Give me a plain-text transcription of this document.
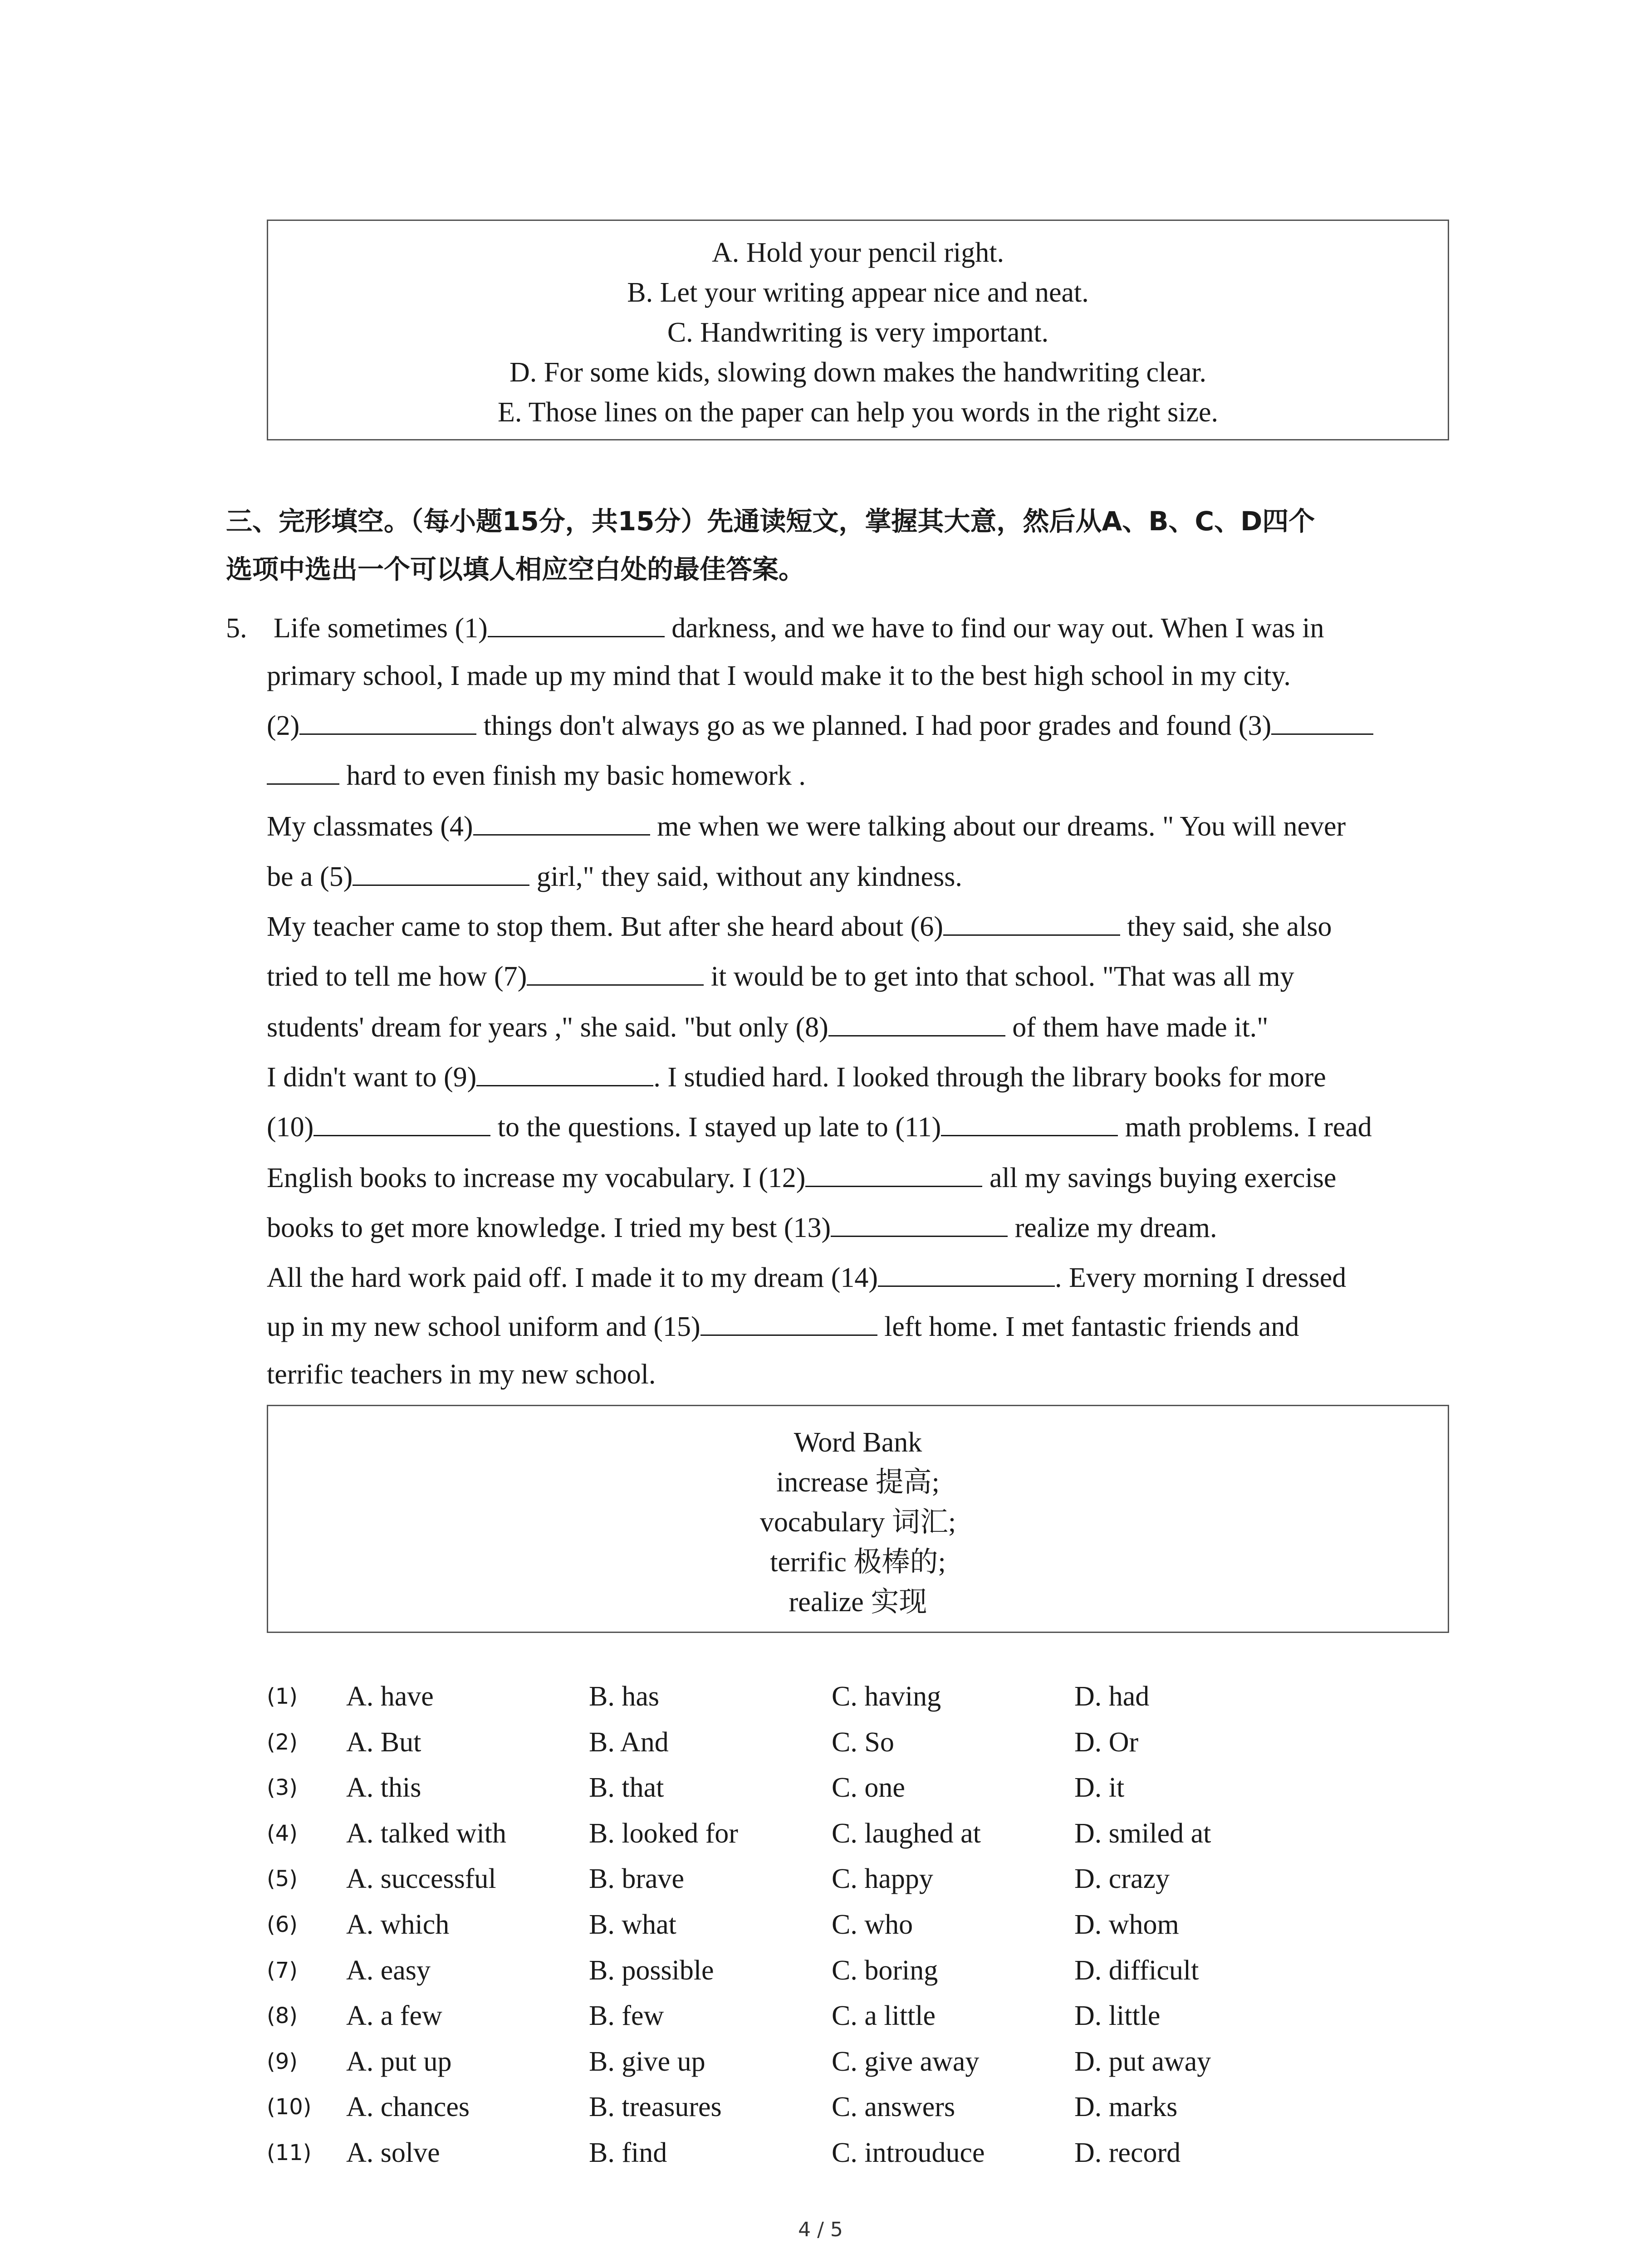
A. Hold your pencil right.
B. Let your writing appear nice and neat.
C. Handwriting is very important.
D. For some kids, slowing down makes the handwriting clear.
E. Those lines on the paper can help you words in the right size.
三、完形填空。（每小题15分，共15分）先通读短文，掌握其大意，然后从A、B、C、D四个
选项中选出一个可以填人相应空白处的最佳答案。
5. Life sometimes (1)	darkness, and we have to find our way out. When I was in
primary school, I made up my mind that I would make it to the best high school in my city.
(2)	things don't always go as we planned. I had poor grades and found (3)
hard to even finish my basic homework .
My classmates (4)	me when we were talking about our dreams. " You will never
be a (5)	girl," they said, without any kindness.
My teacher came to stop them. But after she heard about (6)	they said, she also
tried to tell me how (7)	it would be to get into that school. "That was all my
students' dream for years ," she said. "but only (8)	of them have made it."
I didn't want to (9)	. I studied hard. I looked through the library books for more
(10)	to the questions. I stayed up late to (11)	math problems. I read
English books to increase my vocabulary. I (12)	all my savings buying exercise
books to get more knowledge. I tried my best (13)	realize my dream.
All the hard work paid off. I made it to my dream (14)	. Every morning I dressed
up in my new school uniform and (15)	left home. I met fantastic friends and
terrific teachers in my new school.
Word Bank
increase 提高;
vocabulary 词汇;
terrific 极棒的;
realize 实现
(1) A. have	B. has	C. having	D. had
(2) A. But	B. And	C. So	D. Or
(3) A. this	B. that	C. one	D. it
(4) A. talked with	B. looked for	C. laughed at	D. smiled at
(5) A. successful	B. brave	C. happy	D. crazy
(6) A. which	B. what	C. who	D. whom
(7) A. easy	B. possible	C. boring	D. difficult
(8) A. a few	B. few	C. a little	D. little
(9) A. put up	B. give up	C. give away	D. put away
(10) A. chances	B. treasures	C. answers	D. marks
(11) A. solve	B. find	C. introuduce	D. record
4 / 5
